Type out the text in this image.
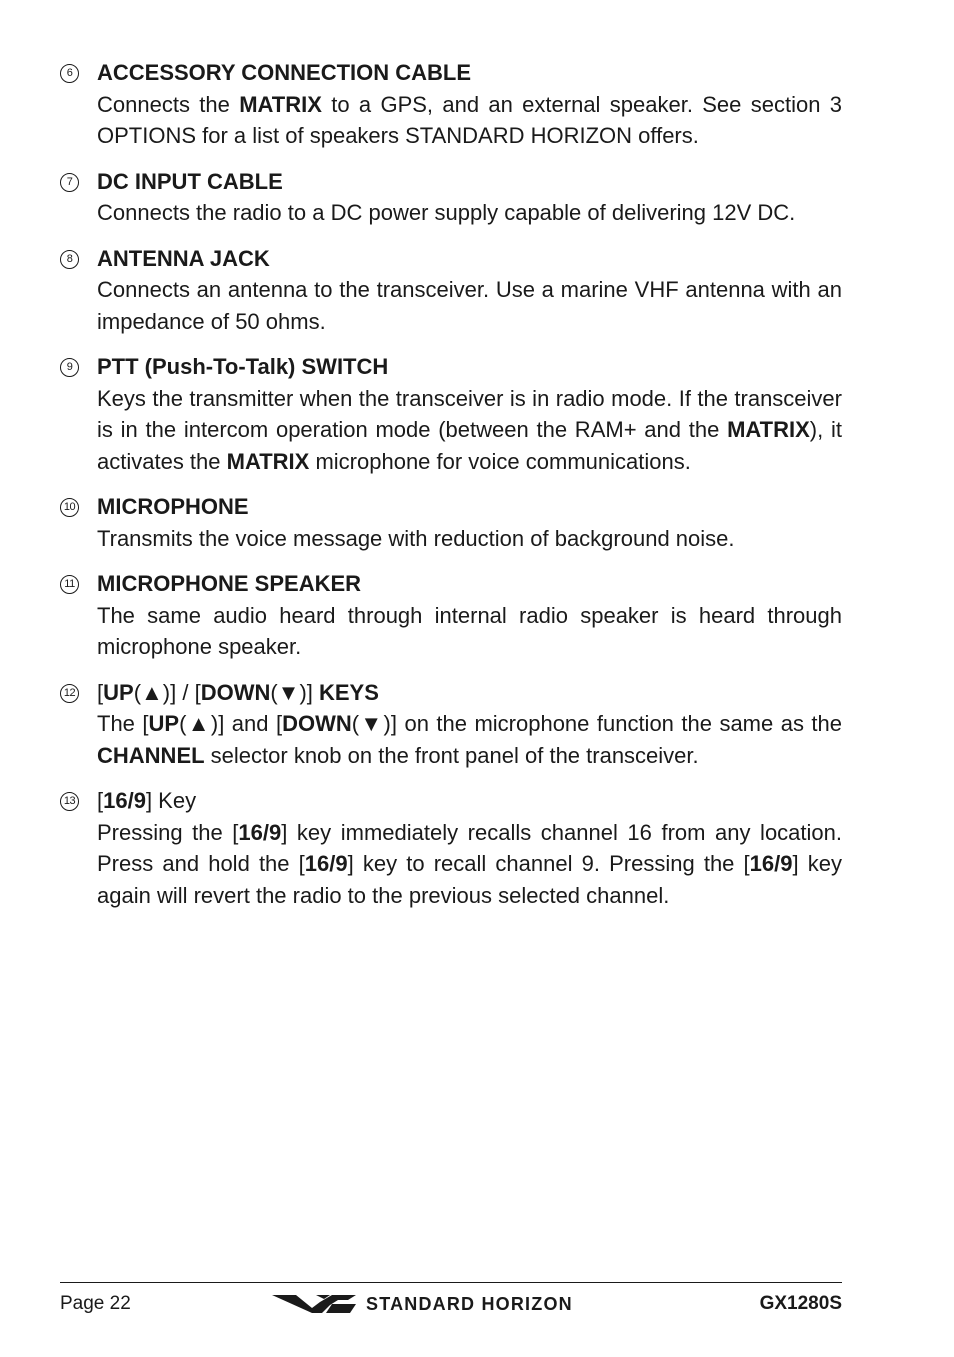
6	ACCESSORY CONNECTION CABLE
Connects the MATRIX to a GPS, and an external speaker. See section 3 OPTIONS for a list of speakers STANDARD HORIZON offers.
7	DC INPUT CABLE
Connects the radio to a DC power supply capable of delivering 12V DC.
8	ANTENNA JACK
Connects an antenna to the transceiver. Use a marine VHF antenna with an impedance of 50 ohms.
9	PTT (Push-To-Talk) SWITCH
Keys the transmitter when the transceiver is in radio mode. If the transceiver is in the intercom operation mode (between the RAM+ and the MATRIX), it activates the MATRIX microphone for voice communications.
10 MICROPHONE
Transmits the voice message with reduction of background noise.
11 MICROPHONE SPEAKER
The same audio heard through internal radio speaker is heard through microphone speaker.
12 [UP(▲)] / [DOWN(▼)] KEYS
The [UP(▲)] and [DOWN(▼)] on the microphone function the same as the CHANNEL selector knob on the front panel of the transceiver.
13 [16/9] Key
Pressing the [16/9] key immediately recalls channel 16 from any location. Press and hold the [16/9] key to recall channel 9. Pressing the [16/9] key again will revert the radio to the previous selected channel.
Page 22	STANDARD HORIZON	GX1280S
